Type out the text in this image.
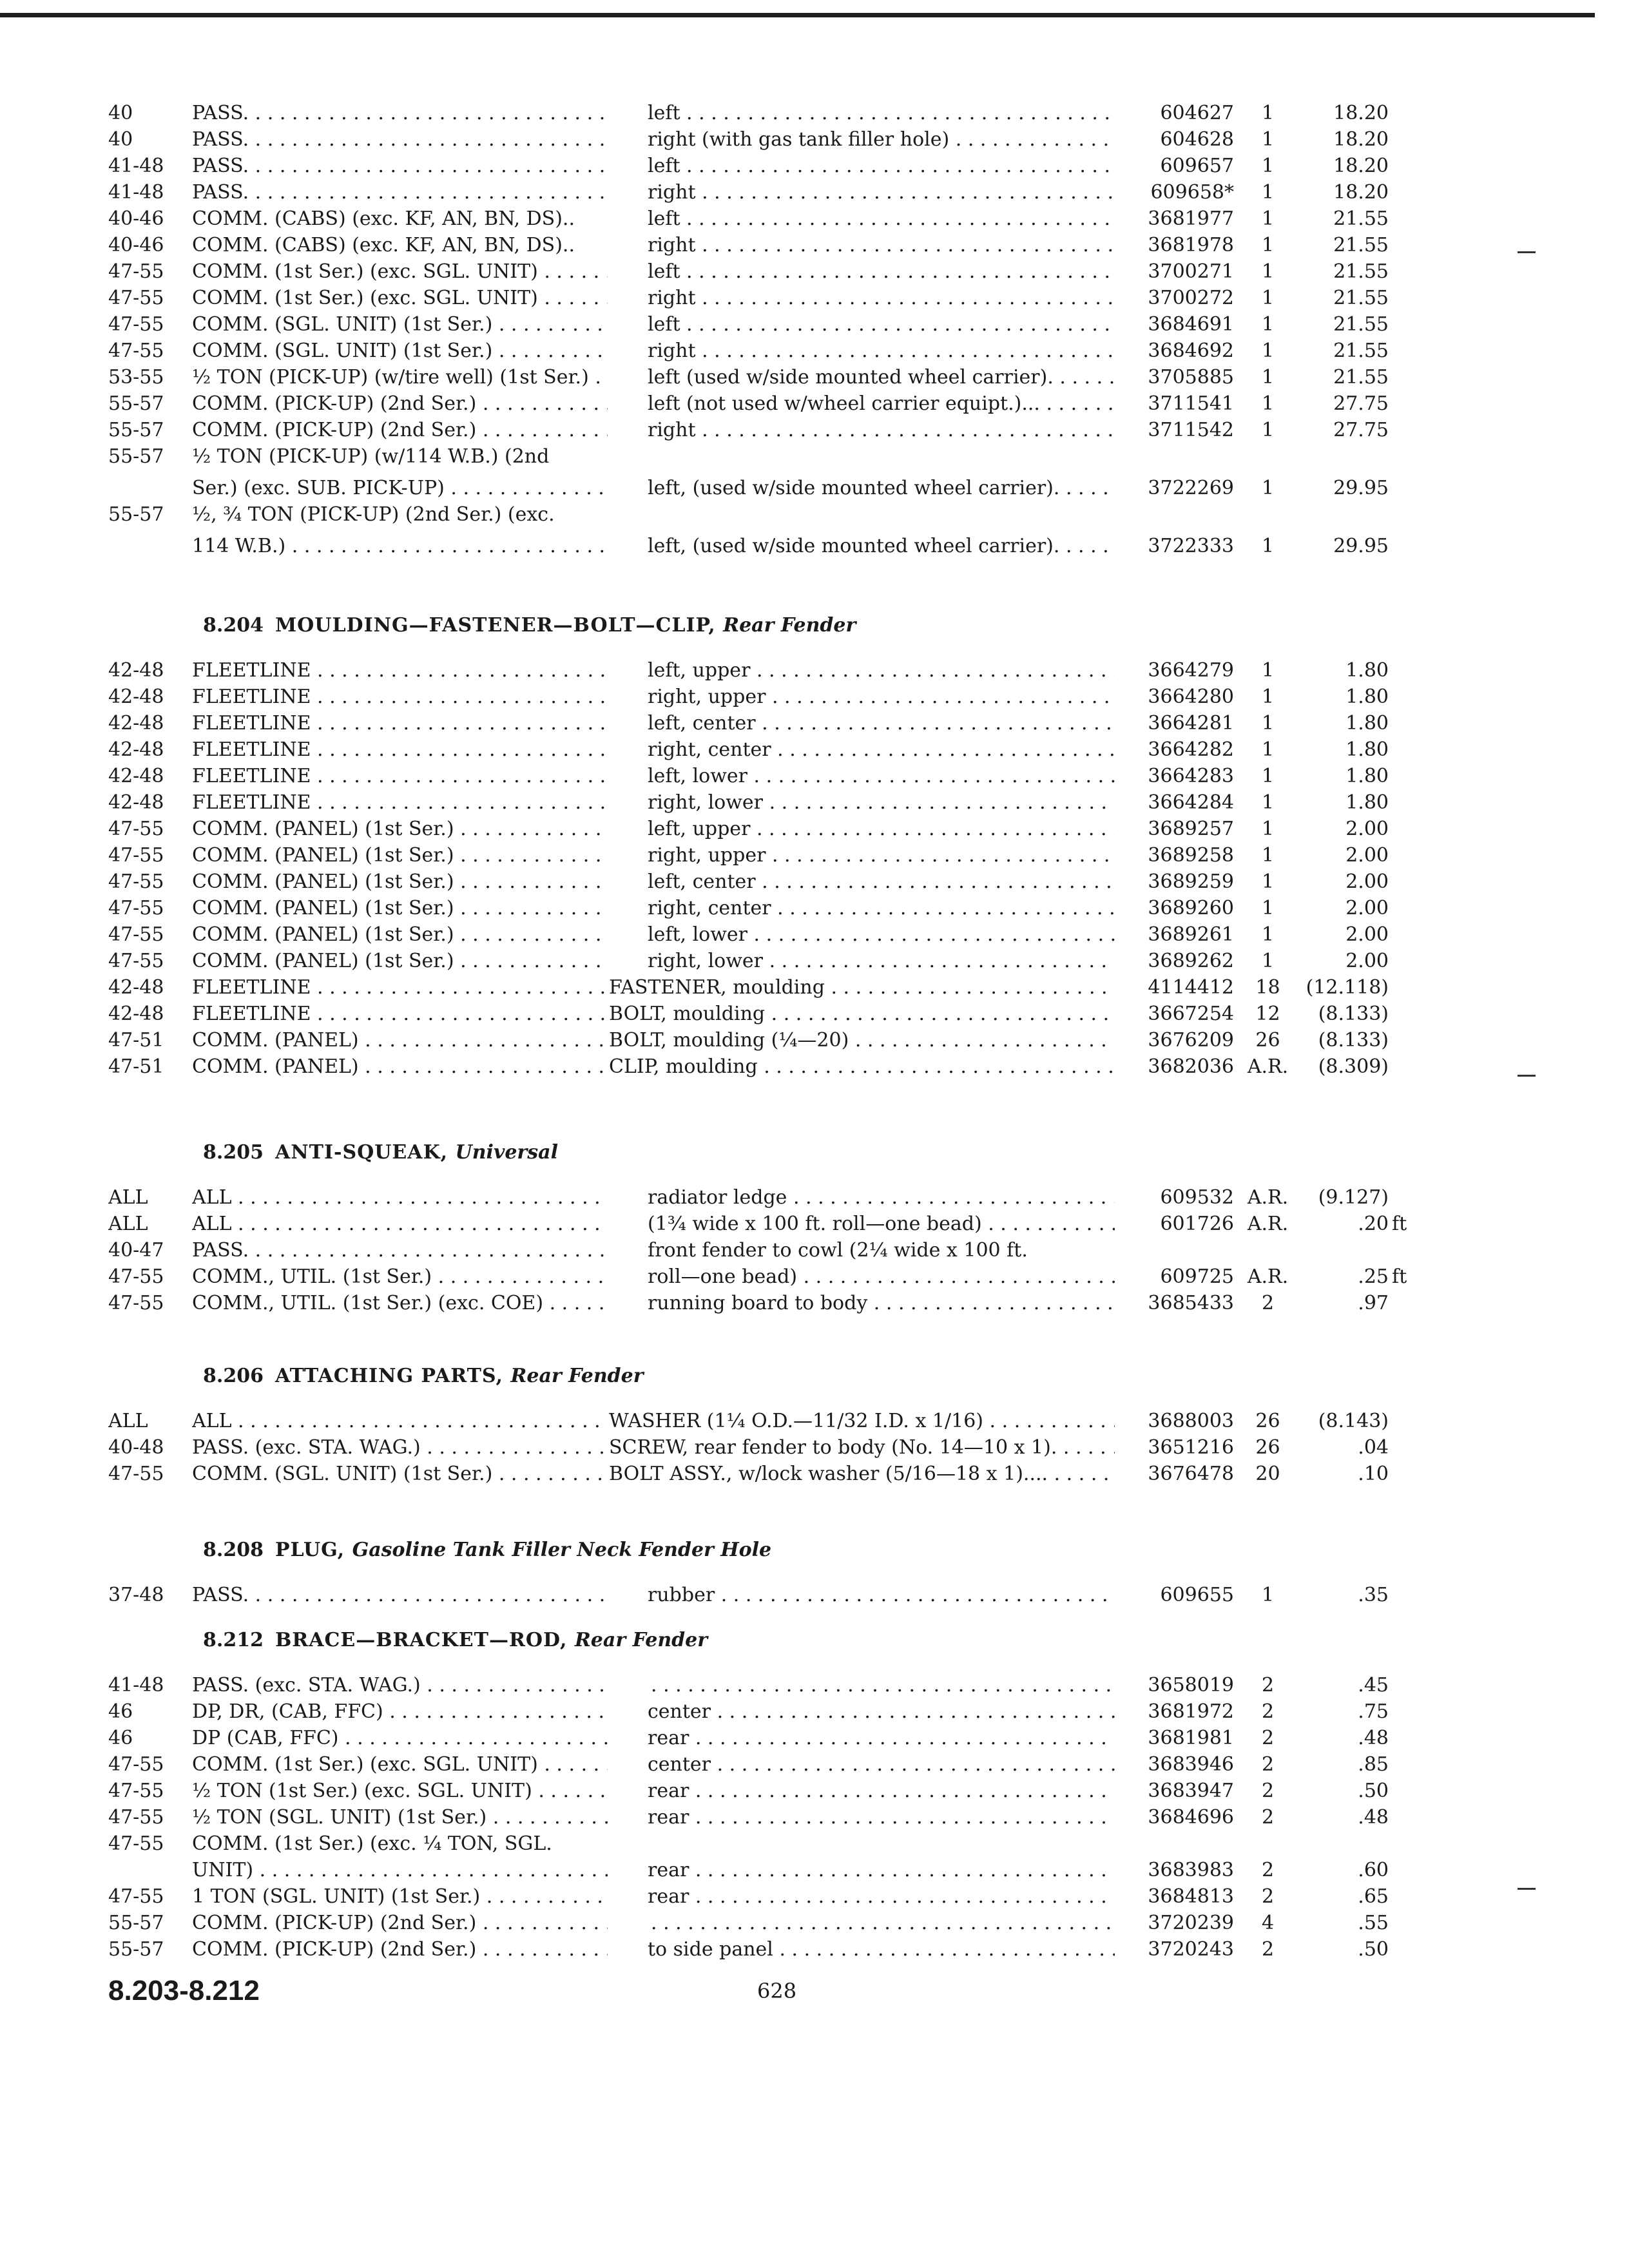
40	PASS. . . .	left . . .	604627	1	18.20
40	PASS. . . .	right (with gas tank filler hole) . . .	604628	1	18.20
41-48	PASS. . . .	left . . .	609657	1	18.20
41-48	PASS. . . .	right . . .	609658*	1	18.20
40-46	COMM. (CABS) (exc. KF, AN, BN, DS)..	left . . .	3681977	1	21.55
40-46	COMM. (CABS) (exc. KF, AN, BN, DS)..	right . . .	3681978	1	21.55
47-55	COMM. (1st Ser.) (exc. SGL. UNIT) . . .	left . . .	3700271	1	21.55
47-55	COMM. (1st Ser.) (exc. SGL. UNIT) . . .	right . . .	3700272	1	21.55
47-55	COMM. (SGL. UNIT) (1st Ser.) . . .	left . . .	3684691	1	21.55
47-55	COMM. (SGL. UNIT) (1st Ser.) . . .	right . . .	3684692	1	21.55
53-55	½ TON (PICK-UP) (w/tire well) (1st Ser.) . . .	left (used w/side mounted wheel carrier). . . .	3705885	1	21.55
55-57	COMM. (PICK-UP) (2nd Ser.) . . .	left (not used w/wheel carrier equipt.)... . . .	3711541	1	27.75
55-57	COMM. (PICK-UP) (2nd Ser.) . . .	right . . .	3711542	1	27.75
55-57	½ TON (PICK-UP) (w/114 W.B.) (2nd
Ser.) (exc. SUB. PICK-UP) . . .	left, (used w/side mounted wheel carrier). . . .	3722269	1	29.95
55-57	½, ¾ TON (PICK-UP) (2nd Ser.) (exc.
114 W.B.) . . .	left, (used w/side mounted wheel carrier). . . .	3722333	1	29.95
8.204 MOULDING—FASTENER—BOLT—CLIP, Rear Fender
42-48	FLEETLINE . . .	left, upper . . .	3664279	1	1.80
42-48	FLEETLINE . . .	right, upper . . .	3664280	1	1.80
42-48	FLEETLINE . . .	left, center . . .	3664281	1	1.80
42-48	FLEETLINE . . .	right, center . . .	3664282	1	1.80
42-48	FLEETLINE . . .	left, lower . . .	3664283	1	1.80
42-48	FLEETLINE . . .	right, lower . . .	3664284	1	1.80
47-55	COMM. (PANEL) (1st Ser.) . . .	left, upper . . .	3689257	1	2.00
47-55	COMM. (PANEL) (1st Ser.) . . .	right, upper . . .	3689258	1	2.00
47-55	COMM. (PANEL) (1st Ser.) . . .	left, center . . .	3689259	1	2.00
47-55	COMM. (PANEL) (1st Ser.) . . .	right, center . . .	3689260	1	2.00
47-55	COMM. (PANEL) (1st Ser.) . . .	left, lower . . .	3689261	1	2.00
47-55	COMM. (PANEL) (1st Ser.) . . .	right, lower . . .	3689262	1	2.00
42-48	FLEETLINE . . .	FASTENER, moulding . . .	4114412	18	(12.118)
42-48	FLEETLINE . . .	BOLT, moulding . . .	3667254	12	(8.133)
47-51	COMM. (PANEL) . . .	BOLT, moulding (¼—20) . . .	3676209	26	(8.133)
47-51	COMM. (PANEL) . . .	CLIP, moulding . . .	3682036 A.R.	(8.309)
8.205 ANTI-SQUEAK, Universal
ALL	ALL . . .	radiator ledge . . .	609532 A.R.	(9.127)
ALL	ALL . . .	(1¾ wide x 100 ft. roll—one bead) . . .	601726 A.R.	.20 ft
40-47	PASS. . . .	front fender to cowl (2¼ wide x 100 ft.
47-55	COMM., UTIL. (1st Ser.) . . .	roll—one bead) . . .	609725 A.R.	.25 ft
47-55	COMM., UTIL. (1st Ser.) (exc. COE) . . .	running board to body . . .	3685433	2	.97
8.206 ATTACHING PARTS, Rear Fender
ALL	ALL . . .	WASHER (1¼ O.D.—11/32 I.D. x 1/16) . . .	3688003	26	(8.143)
40-48	PASS. (exc. STA. WAG.) . . .	SCREW, rear fender to body (No. 14—10 x 1). . . .	3651216	26	.04
47-55	COMM. (SGL. UNIT) (1st Ser.) . . .	BOLT ASSY., w/lock washer (5/16—18 x 1).... . . .	3676478	20	.10
8.208 PLUG, Gasoline Tank Filler Neck Fender Hole
37-48	PASS. . . .	rubber . . .	609655	1	.35
8.212 BRACE—BRACKET—ROD, Rear Fender
41-48	PASS. (exc. STA. WAG.) . . . . . .	3658019	2	.45
46	DP, DR, (CAB, FFC) . . .	center . . .	3681972	2	.75
46	DP (CAB, FFC) . . .	rear . . .	3681981	2	.48
47-55	COMM. (1st Ser.) (exc. SGL. UNIT) . . .	center . . .	3683946	2	.85
47-55	½ TON (1st Ser.) (exc. SGL. UNIT) . . .	rear . . .	3683947	2	.50
47-55	½ TON (SGL. UNIT) (1st Ser.) . . .	rear . . .	3684696	2	.48
47-55	COMM. (1st Ser.) (exc. ¼ TON, SGL.
UNIT) . . .	rear . . .	3683983	2	.60
47-55	1 TON (SGL. UNIT) (1st Ser.) . . .	rear . . .	3684813	2	.65
55-57	COMM. (PICK-UP) (2nd Ser.) . . . . . .	3720239	4	.55
55-57	COMM. (PICK-UP) (2nd Ser.) . . .	to side panel . . .	3720243	2	.50
8.203-8.212	628
